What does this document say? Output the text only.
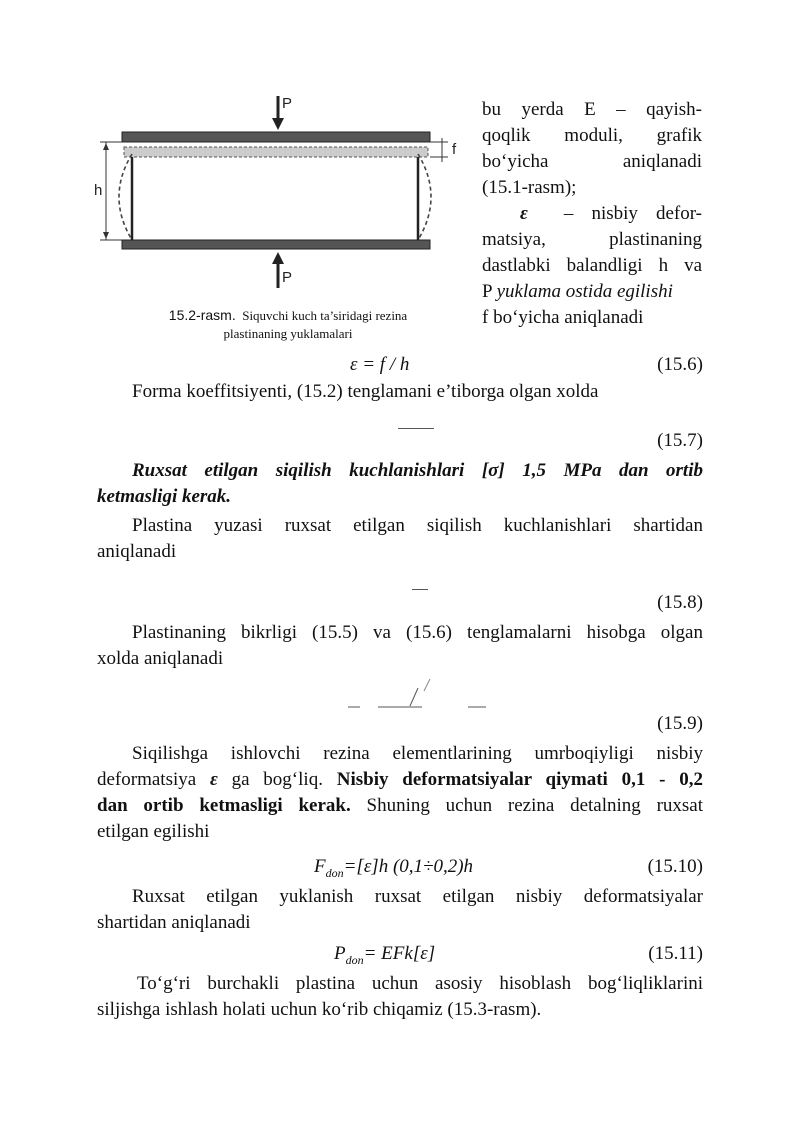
P
P
h
f
15.2-rasm. Siquvchi kuch ta’siridagi rezina
plastinaning yuklamalari
bu yerda E – qayish-
qoqlik moduli, grafik
bo‘yicha aniqlanadi
(15.1-rasm);
ε – nisbiy defor-
matsiya, plastinaning
dastlabki balandligi h va
P yuklama ostida egilishi
f bo‘yicha aniqlanadi
ε = f / h	(15.6)
Forma koeffitsiyenti, (15.2) tenglamani e’tiborga olgan xolda
(15.7)
Ruxsat etilgan siqilish kuchlanishlari [σ] 1,5 MPa dan ortib
ketmasligi kerak.
Plastina yuzasi ruxsat etilgan siqilish kuchlanishlari shartidan
aniqlanadi
(15.8)
Plastinaning bikrligi (15.5) va (15.6) tenglamalarni hisobga olgan
xolda aniqlanadi
(15.9)
Siqilishga ishlovchi rezina elementlarining umrboqiyligi nisbiy
deformatsiya ε ga bog‘liq. Nisbiy deformatsiyalar qiymati 0,1 - 0,2
dan ortib ketmasligi kerak. Shuning uchun rezina detalning ruxsat
etilgan egilishi
$F_{don}=[\varepsilon]h$ (0,1÷0,2)h	(15.10)
Ruxsat etilgan yuklanish ruxsat etilgan nisbiy deformatsiyalar
shartidan aniqlanadi
$P_{don}= EFk[\varepsilon]$	(15.11)
To‘g‘ri burchakli plastina uchun asosiy hisoblash bog‘liqliklarini
siljishga ishlash holati uchun ko‘rib chiqamiz (15.3-rasm).
